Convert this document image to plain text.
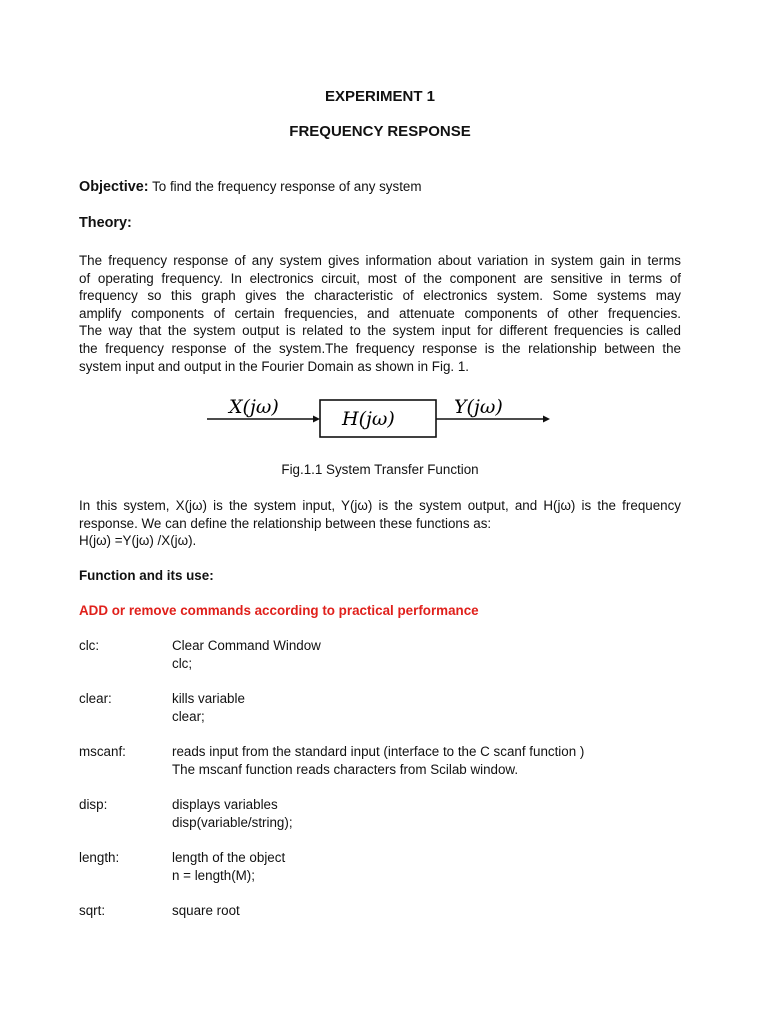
EXPERIMENT 1
FREQUENCY RESPONSE
Objective: To find the frequency response of any system
Theory:

The frequency response of any system gives information about variation in system gain in terms
of operating frequency. In electronics circuit, most of the component are sensitive in terms of
frequency so this graph gives the characteristic of electronics system. Some systems may
amplify components of certain frequencies, and attenuate components of other frequencies.
The way that the system output is related to the system input for different frequencies is called
the frequency response of the system.The frequency response is the relationship between the
system input and output in the Fourier Domain as shown in Fig. 1.

X(jω)
H(jω)
Y(jω)
Fig.1.1 System Transfer Function

In this system, X(jω) is the system input, Y(jω) is the system output, and H(jω) is the frequency
response. We can define the relationship between these functions as:
H(jω) =Y(jω) /X(jω).

Function and its use:
ADD or remove commands according to practical performance
clc:	Clear Command Window
clc;
clear:	kills variable
clear;
mscanf:	reads input from the standard input (interface to the C scanf function )
The mscanf function reads characters from Scilab window.
disp:	displays variables
disp(variable/string);
length:	length of the object
n = length(M);
sqrt:	square root
